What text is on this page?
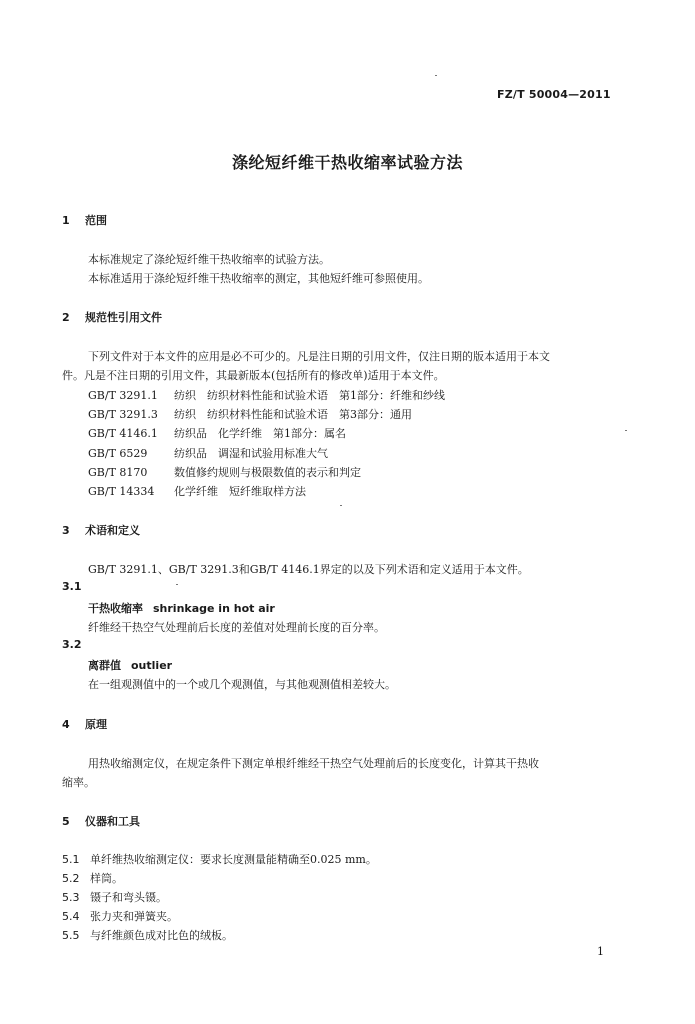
FZ/T 50004—2011
涤纶短纤维干热收缩率试验方法
1 范围
本标准规定了涤纶短纤维干热收缩率的试验方法。
本标准适用于涤纶短纤维干热收缩率的测定，其他短纤维可参照使用。
2 规范性引用文件
下列文件对于本文件的应用是必不可少的。凡是注日期的引用文件，仅注日期的版本适用于本文
件。凡是不注日期的引用文件，其最新版本(包括所有的修改单)适用于本文件。
GB/T 3291.1 纺织　纺织材料性能和试验术语　第1部分：纤维和纱线
GB/T 3291.3 纺织　纺织材料性能和试验术语　第3部分：通用
GB/T 4146.1 纺织品　化学纤维　第1部分：属名
GB/T 6529 纺织品　调湿和试验用标准大气
GB/T 8170 数值修约规则与极限数值的表示和判定
GB/T 14334 化学纤维　短纤维取样方法
3 术语和定义
GB/T 3291.1、GB/T 3291.3和GB/T 4146.1界定的以及下列术语和定义适用于本文件。
3.1
干热收缩率 shrinkage in hot air
纤维经干热空气处理前后长度的差值对处理前长度的百分率。
3.2
离群值 outlier
在一组观测值中的一个或几个观测值，与其他观测值相差较大。
4 原理
用热收缩测定仪，在规定条件下测定单根纤维经干热空气处理前后的长度变化，计算其干热收
缩率。
5 仪器和工具
5.1 单纤维热收缩测定仪：要求长度测量能精确至0.025 mm。
5.2 样筒。
5.3 镊子和弯头镊。
5.4 张力夹和弹簧夹。
5.5 与纤维颜色成对比色的绒板。
1
